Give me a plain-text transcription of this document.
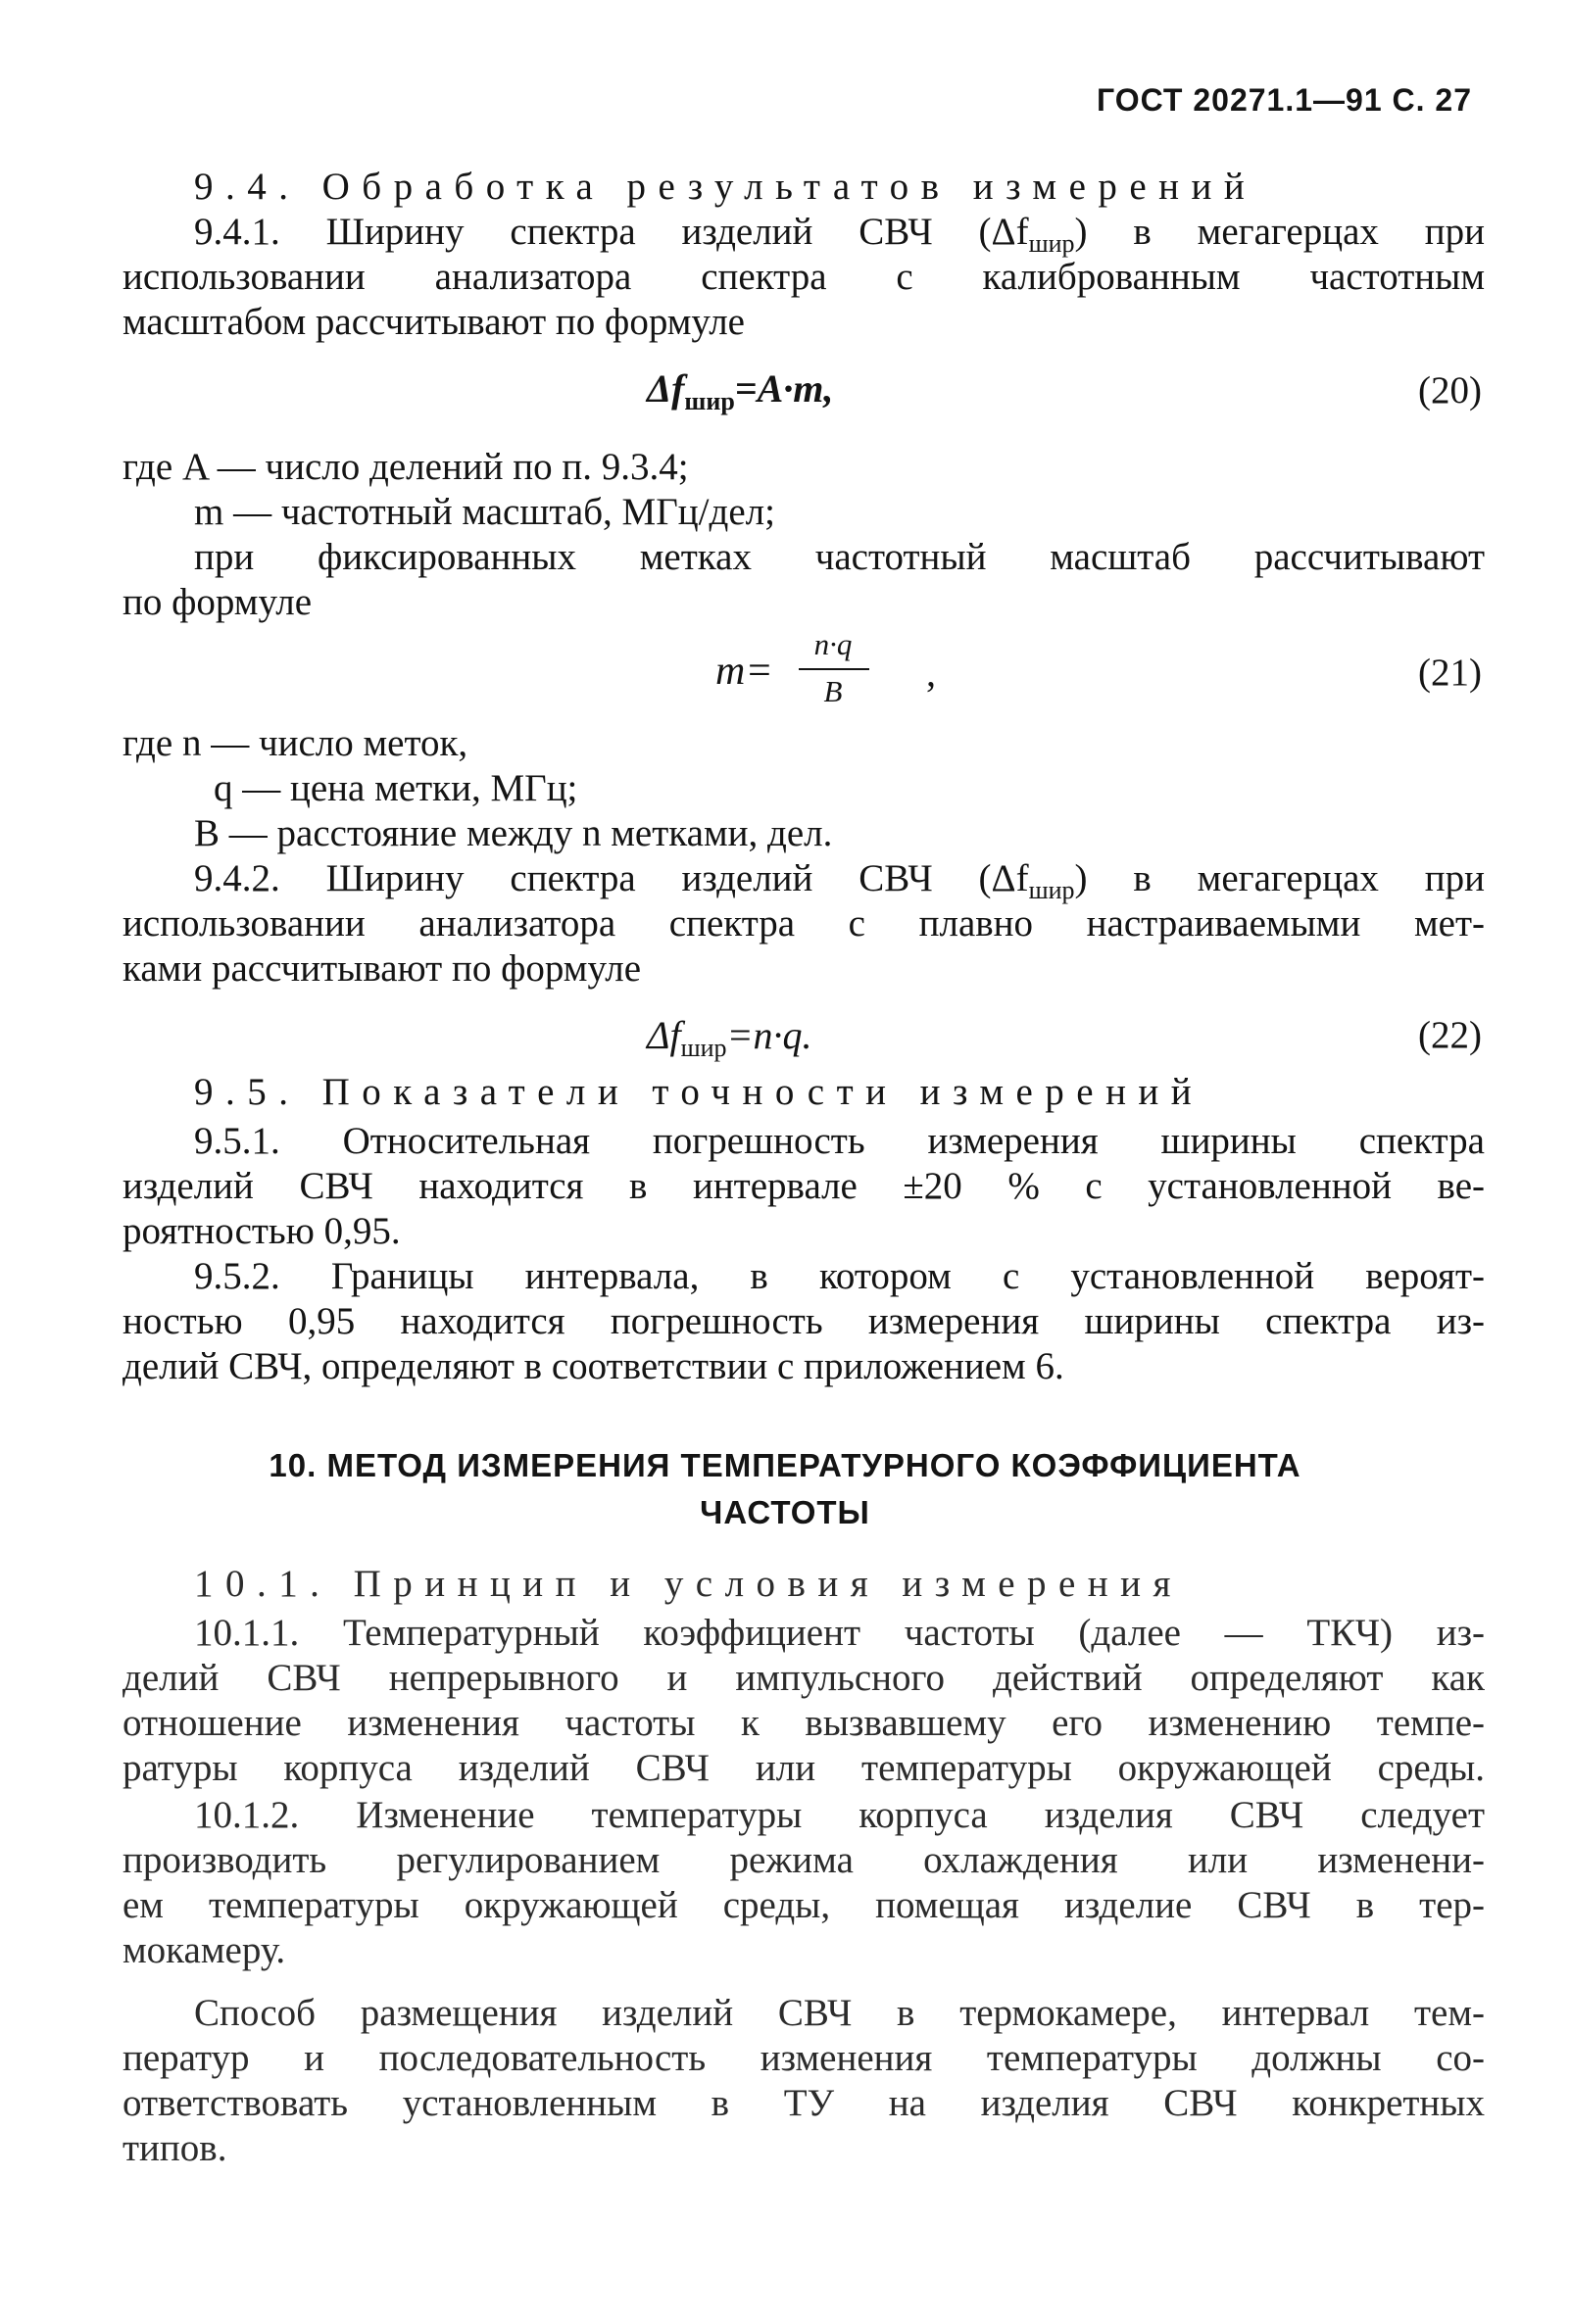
ГОСТ 20271.1—91 С. 27
9.4. Обработка результатов измерений
9.4.1. Ширину спектра изделий СВЧ $(\Delta f_{шир})$ в мегагерцах при
использовании анализатора спектра с калиброванным частотным
масштабом рассчитывают по формуле
$\Delta f_{шир}=A\cdot m$,	(20)
где A — число делений по п. 9.3.4;
m — частотный масштаб, МГц/дел;
при фиксированных метках частотный масштаб рассчитывают
по формуле
m=
n·q
B	,	(21)
где n — число меток,
q — цена метки, МГц;
B — расстояние между n метками, дел.
9.4.2. Ширину спектра изделий СВЧ $(\Delta f_{шир})$ в мегагерцах при
использовании анализатора спектра с плавно настраиваемыми мет-
ками рассчитывают по формуле
$\Delta f_{шир}=n\cdot q$.	(22)
9.5. Показатели точности измерений
9.5.1. Относительная погрешность измерения ширины спектра
изделий СВЧ находится в интервале ±20 % с установленной ве-
роятностью 0,95.
9.5.2. Границы интервала, в котором с установленной вероят-
ностью 0,95 находится погрешность измерения ширины спектра из-
делий СВЧ, определяют в соответствии с приложением 6.
10. МЕТОД ИЗМЕРЕНИЯ ТЕМПЕРАТУРНОГО КОЭФФИЦИЕНТА
ЧАСТОТЫ
10.1. Принцип и условия измерения
10.1.1. Температурный коэффициент частоты (далее — ТКЧ) из-
делий СВЧ непрерывного и импульсного действий определяют как
отношение изменения частоты к вызвавшему его изменению темпе-
ратуры корпуса изделий СВЧ или температуры окружающей среды.
10.1.2. Изменение температуры корпуса изделия СВЧ следует
производить регулированием режима охлаждения или изменени-
ем температуры окружающей среды, помещая изделие СВЧ в тер-
мокамеру.
Способ размещения изделий СВЧ в термокамере, интервал тем-
ператур и последовательность изменения температуры должны со-
ответствовать установленным в ТУ на изделия СВЧ конкретных
типов.
